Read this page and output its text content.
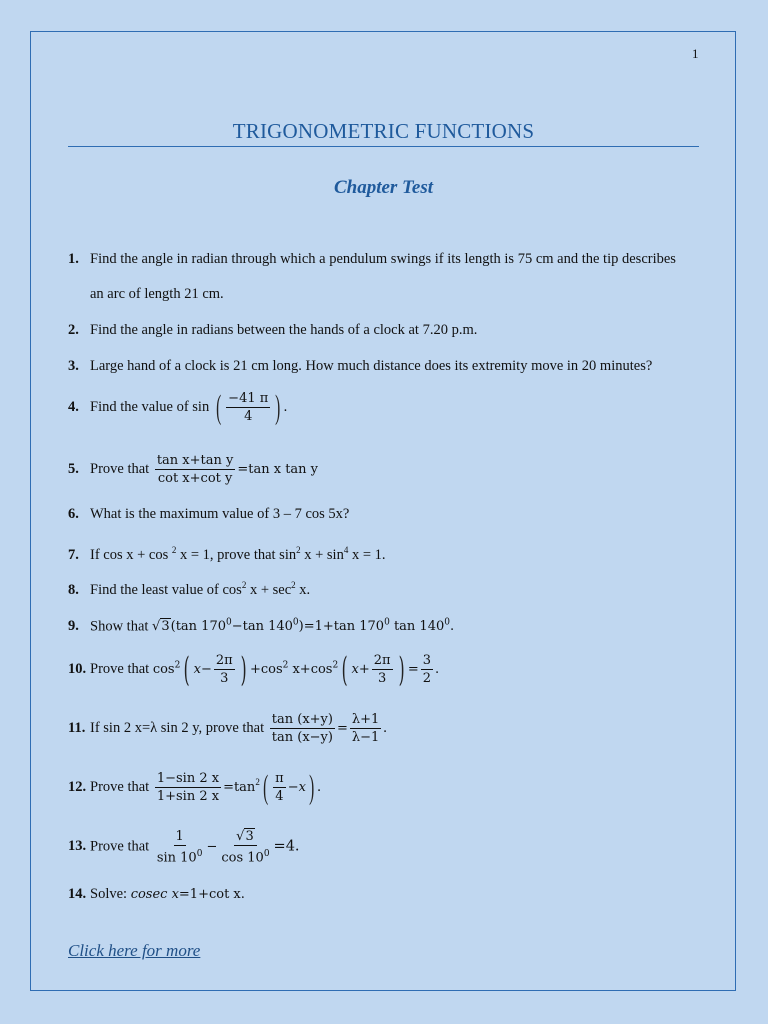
1
TRIGONOMETRIC FUNCTIONS
Chapter Test
1. Find the angle in radian through which a pendulum swings if its length is 75 cm and the tip describes
an arc of length 21 cm.
2. Find the angle in radians between the hands of a clock at 7.20 p.m.
3. Large hand of a clock is 21 cm long. How much distance does its extremity move in 20 minutes?
4. Find the value of sin ( $\frac{-41 \pi}{4}$ ) .
5. Prove that $\frac{\text{tan x+tan y}}{\text{cot x+cot y}} =\tan$ x tan y
6. What is the maximum value of 3 – 7 cos 5x?
7. If cos x + cos $^2$ x = 1, prove that $\sin^2 x + \sin^4 x = 1$.
8. Find the least value of $\cos^2 x + \sec^2 x$.
9. Show that √3(tan $170^0-\tan$ $140^0)=1+\tan$ $170^0$ $\tan 140^0$.
10. Prove that $\cos^2$ ( $x- \frac{2\pi}{3}$ ) $+\cos^2$ $x+\cos^2$ ( $x+ \frac{2\pi}{3}$ ) = $\frac{3}{2}$ .
11. If sin 2 x=λ sin 2 y, prove that $\frac{\tan (x+y)}{\tan (x-y)} = \frac{\lambda+1}{\lambda-1}$ .
12. Prove that $\frac{1-\sin 2 x}{1+\sin 2 x} =\tan^2( \frac{\pi}{4} -x)$ .
13. Prove that $\frac{1}{\sin 10^0} - \frac{√3}{\cos 10^0} =4$.
14. Solve: cosec x=1+cot x.
Click here for more
